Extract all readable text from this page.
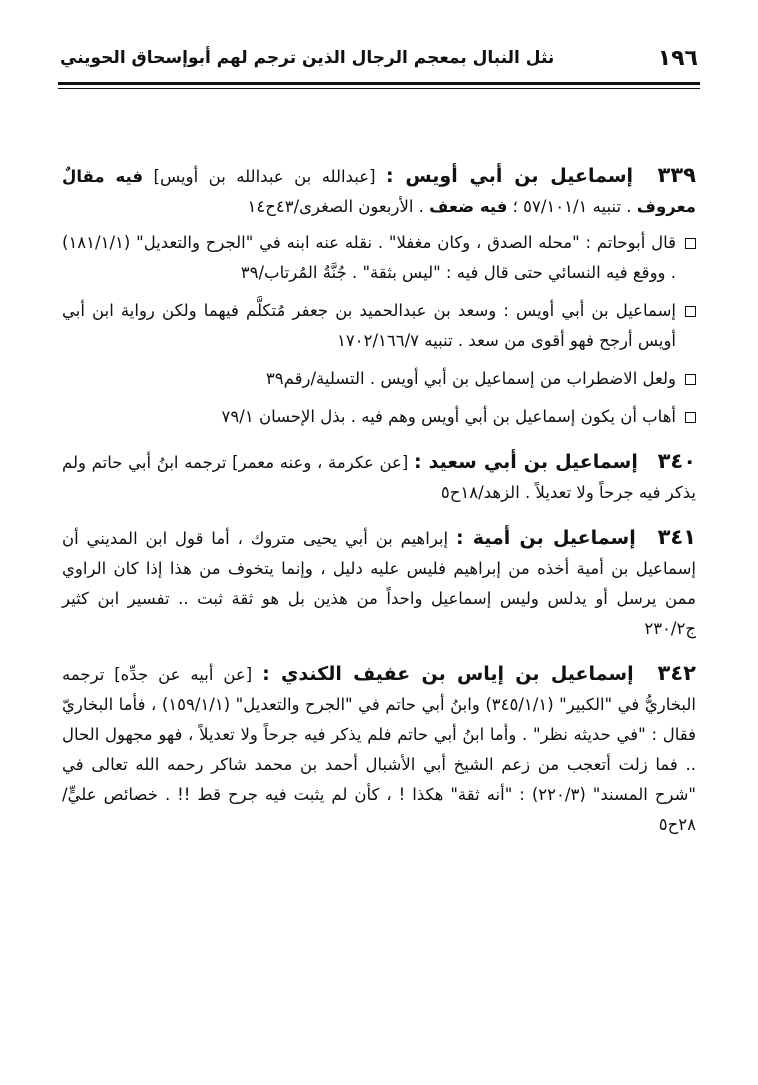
١٩٦
نثل النبال بمعجم الرجال الذين ترجم لهم أبوإسحاق الحويني

٣٣٩ إسماعيل بن أبي أويس : [عبدالله بن عبدالله بن أويس] فيه مقالٌ معروف . تنبيه ٥٧/١٠١/١ ؛ فيه ضعف . الأربعون الصغرى/٤٣ح١٤

قال أبوحاتم : "محله الصدق ، وكان مغفلا" . نقله عنه ابنه في "الجرح والتعديل" (١٨١/١/١) . ووقع فيه النسائي حتى قال فيه : "ليس بثقة" . جُنَّةُ المُرتاب/٣٩
إسماعيل بن أبي أويس : وسعد بن عبدالحميد بن جعفر مُتكلَّم فيهما ولكن رواية ابن أبي أويس أرجح فهو أقوى من سعد . تنبيه ١٧٠٢/١٦٦/٧
ولعل الاضطراب من إسماعيل بن أبي أويس . التسلية/رقم٣٩
أهاب أن يكون إسماعيل بن أبي أويس وهم فيه . بذل الإحسان ٧٩/١

٣٤٠ إسماعيل بن أبي سعيد : [عن عكرمة ، وعنه معمر] ترجمه ابنُ أبي حاتم ولم يذكر فيه جرحاً ولا تعديلاً . الزهد/١٨ح٥

٣٤١ إسماعيل بن أمية : إبراهيم بن أبي يحيى متروك ، أما قول ابن المديني أن إسماعيل بن أمية أخذه من إبراهيم فليس عليه دليل ، وإنما يتخوف من هذا إذا كان الراوي ممن يرسل أو يدلس وليس إسماعيل واحداً من هذين بل هو ثقة ثبت .. تفسير ابن كثير ج٢٣٠/٢

٣٤٢ إسماعيل بن إياس بن عفيف الكندي : [عن أبيه عن جدِّه] ترجمه البخاريُّ في "الكبير" (٣٤٥/١/١) وابنُ أبي حاتم في "الجرح والتعديل" (١٥٩/١/١) ، فأما البخاريّ فقال : "في حديثه نظر" . وأما ابنُ أبي حاتم فلم يذكر فيه جرحاً ولا تعديلاً ، فهو مجهول الحال .. فما زلت أتعجب من زعم الشيخ أبي الأشبال أحمد بن محمد شاكر رحمه الله تعالى في "شرح المسند" (٢٢٠/٣) : "أنه ثقة" هكذا ! ، كأن لم يثبت فيه جرح قط !! . خصائص عليٍّ/٢٨ح٥
